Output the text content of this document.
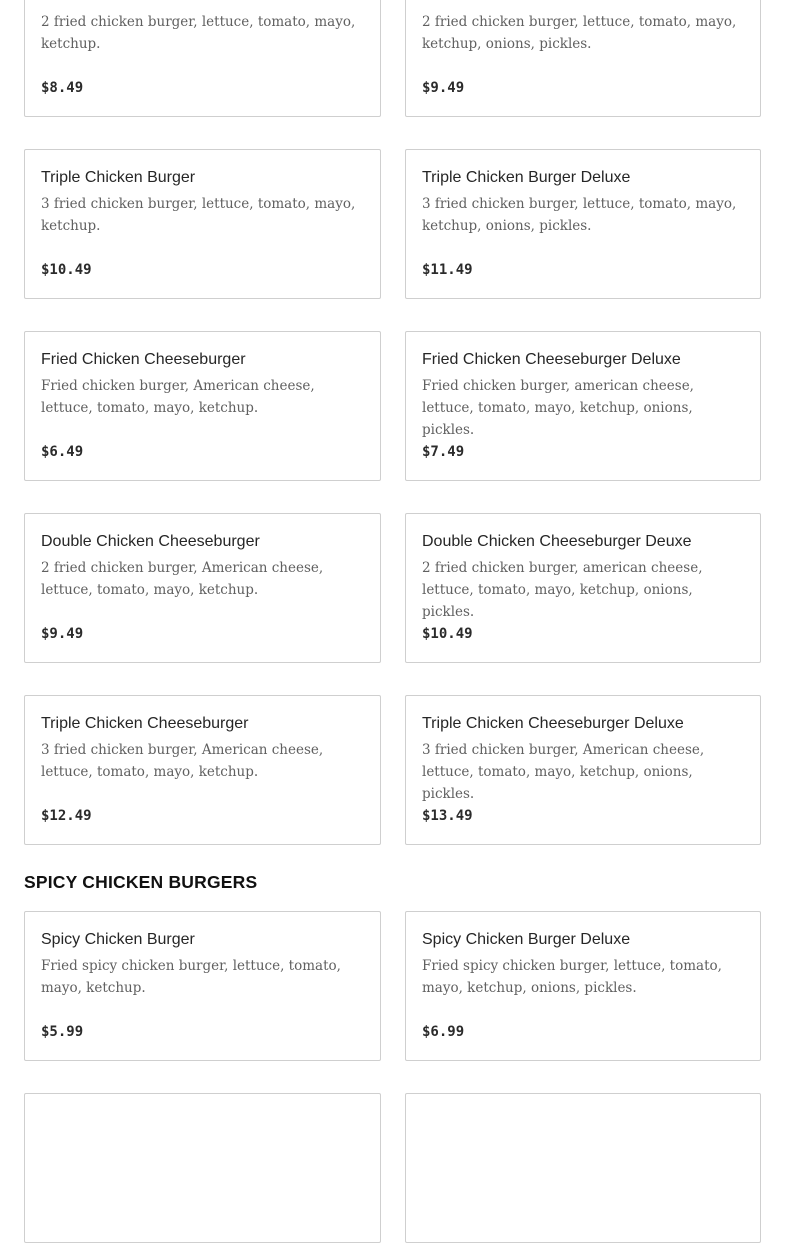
2 fried chicken burger, lettuce, tomato, mayo, ketchup.
$8.49
2 fried chicken burger, lettuce, tomato, mayo, ketchup, onions, pickles.
$9.49
Triple Chicken Burger
3 fried chicken burger, lettuce, tomato, mayo, ketchup.
$10.49
Triple Chicken Burger Deluxe
3 fried chicken burger, lettuce, tomato, mayo, ketchup, onions, pickles.
$11.49
Fried Chicken Cheeseburger
Fried chicken burger, American cheese, lettuce, tomato, mayo, ketchup.
$6.49
Fried Chicken Cheeseburger Deluxe
Fried chicken burger, american cheese, lettuce, tomato, mayo, ketchup, onions, pickles.
$7.49
Double Chicken Cheeseburger
2 fried chicken burger, American cheese, lettuce, tomato, mayo, ketchup.
$9.49
Double Chicken Cheeseburger Deuxe
2 fried chicken burger, american cheese, lettuce, tomato, mayo, ketchup, onions, pickles.
$10.49
Triple Chicken Cheeseburger
3 fried chicken burger, American cheese, lettuce, tomato, mayo, ketchup.
$12.49
Triple Chicken Cheeseburger Deluxe
3 fried chicken burger, American cheese, lettuce, tomato, mayo, ketchup, onions, pickles.
$13.49
SPICY CHICKEN BURGERS
Spicy Chicken Burger
Fried spicy chicken burger, lettuce, tomato, mayo, ketchup.
$5.99
Spicy Chicken Burger Deluxe
Fried spicy chicken burger, lettuce, tomato, mayo, ketchup, onions, pickles.
$6.99
